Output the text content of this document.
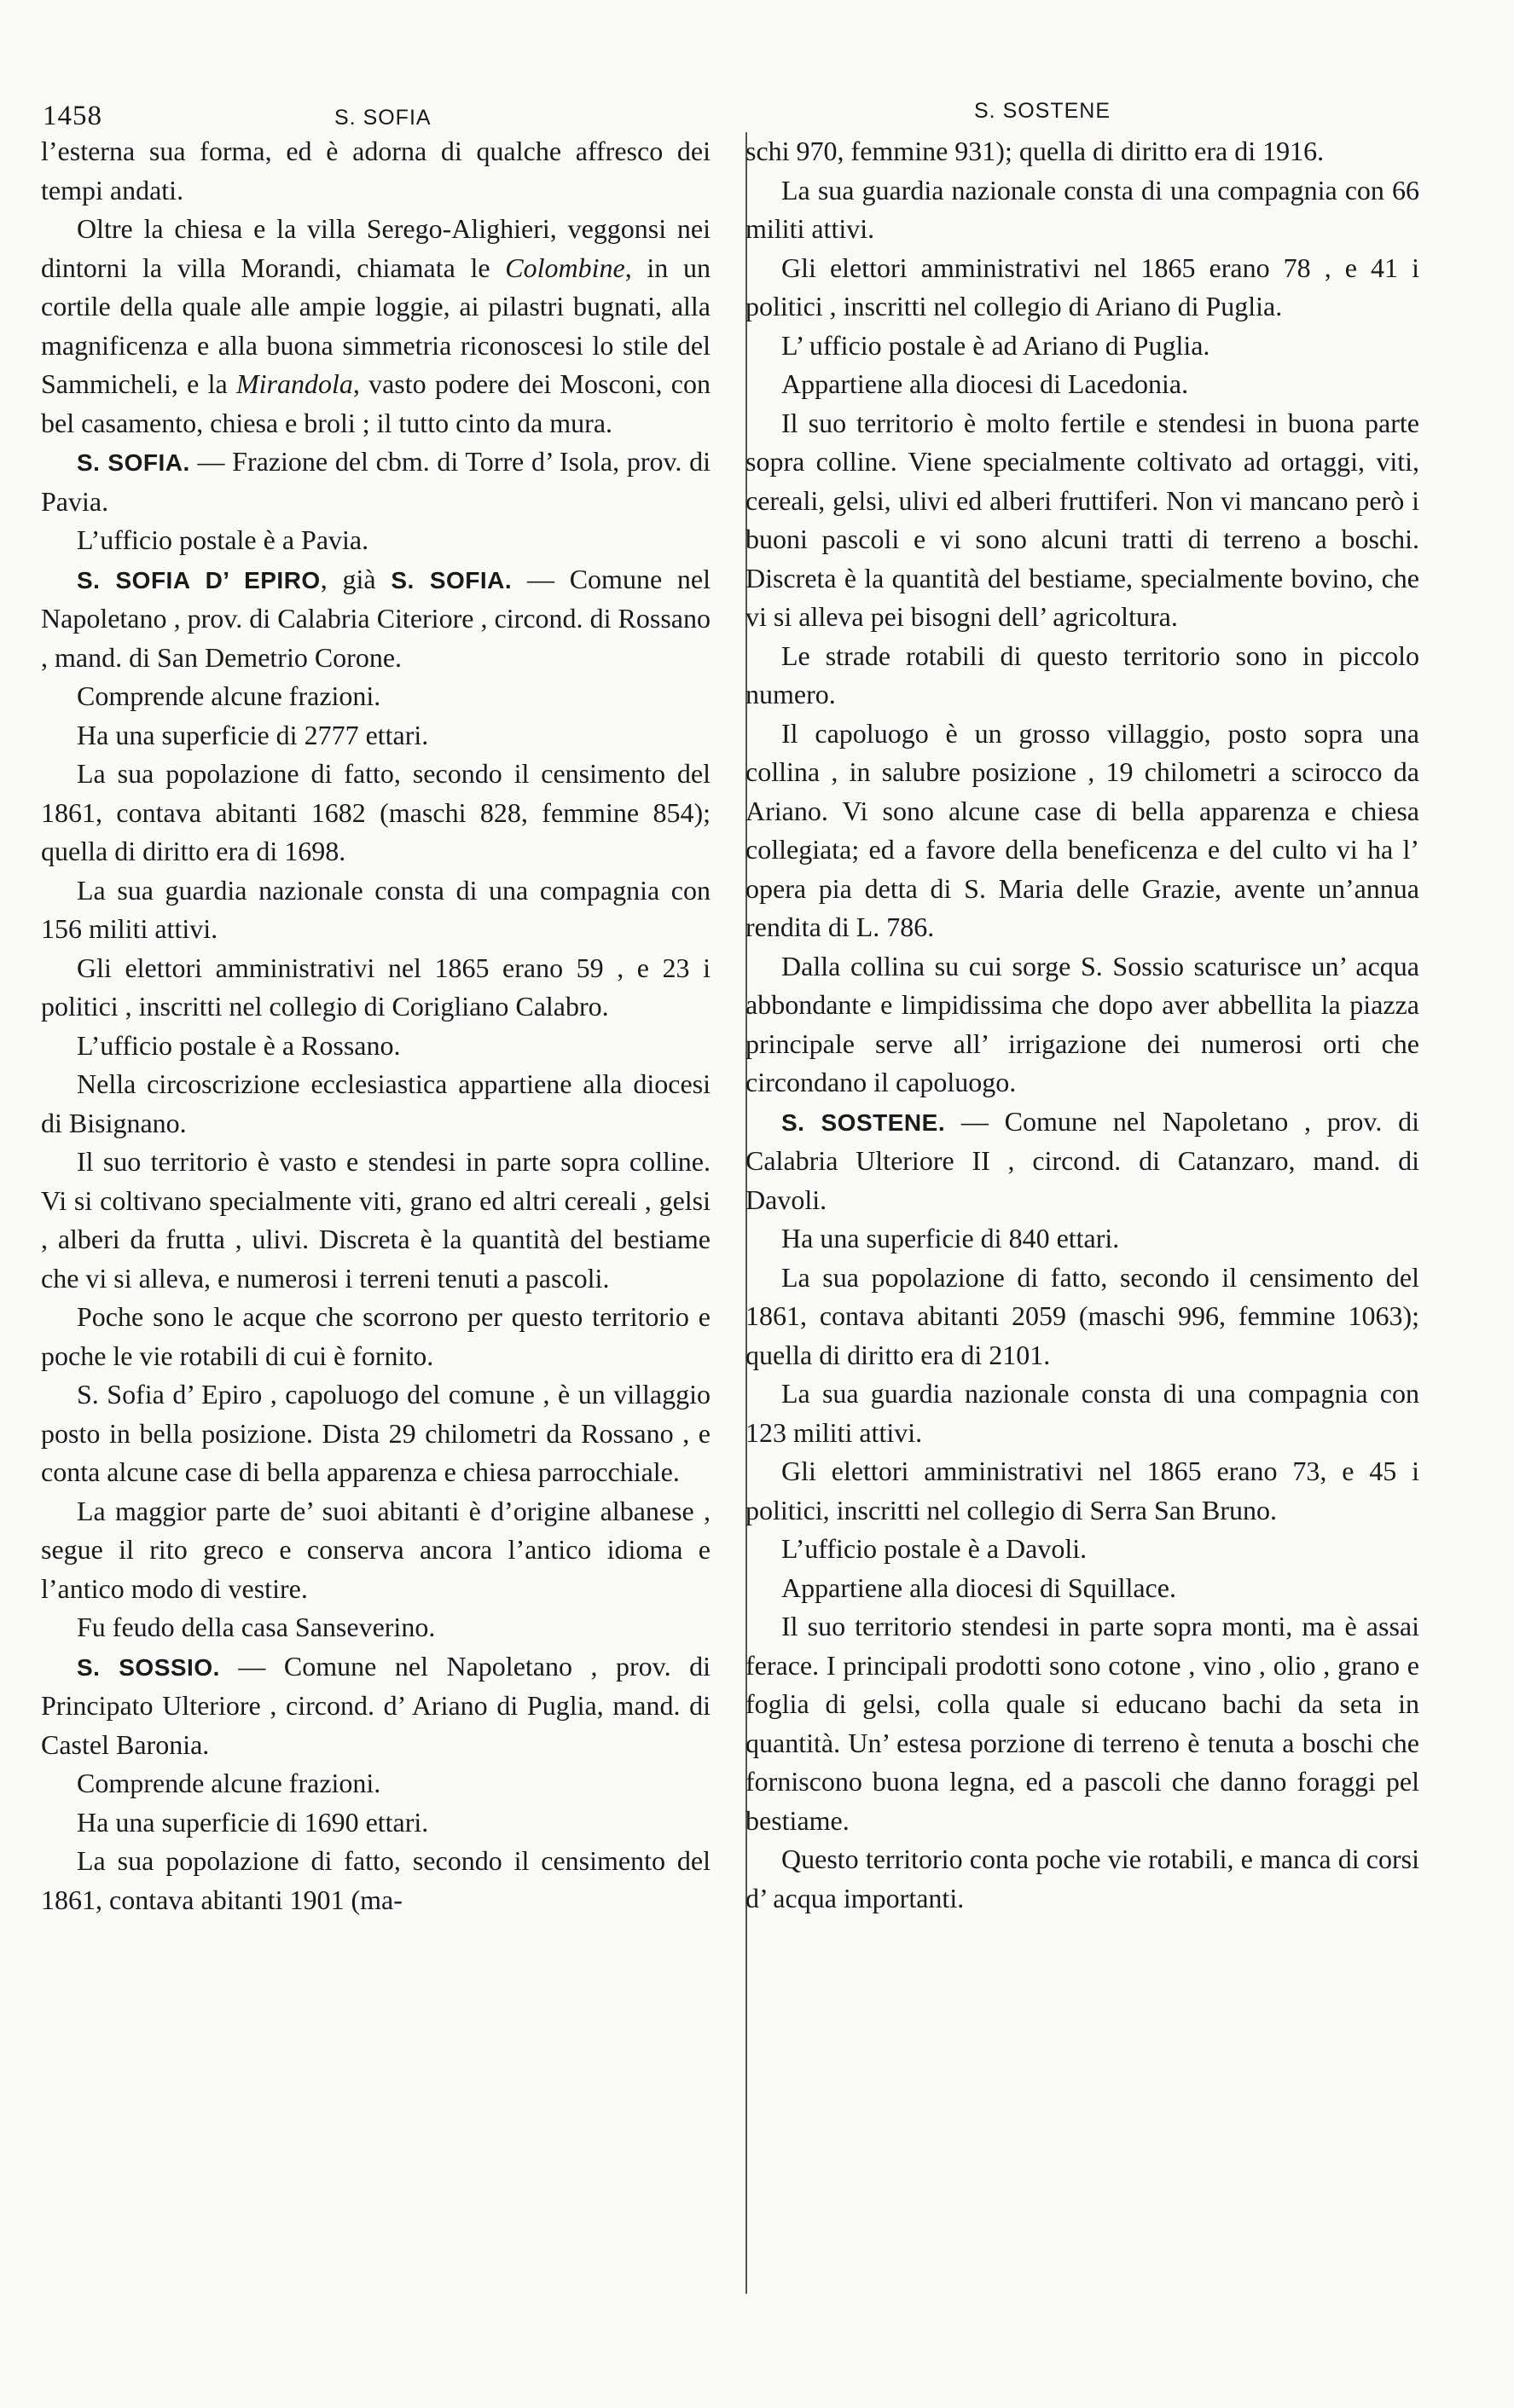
1458	S. SOFIA	S. SOSTENE

l’esterna sua forma, ed è adorna di qualche affresco dei tempi andati.

Oltre la chiesa e la villa Serego-Alighieri, veggonsi nei dintorni la villa Morandi, chiamata le Colombine, in un cortile della quale alle ampie loggie, ai pilastri bugnati, alla magnificenza e alla buona simmetria riconoscesi lo stile del Sammicheli, e la Mirandola, vasto podere dei Mosconi, con bel casamento, chiesa e broli ; il tutto cinto da mura.

S. SOFIA. — Frazione del cbm. di Torre d’ Isola, prov. di Pavia.

L’ufficio postale è a Pavia.

S. SOFIA D’ EPIRO, già S. SOFIA. — Comune nel Napoletano , prov. di Calabria Citeriore , circond. di Rossano , mand. di San Demetrio Corone.

Comprende alcune frazioni.

Ha una superficie di 2777 ettari.

La sua popolazione di fatto, secondo il censimento del 1861, contava abitanti 1682 (maschi 828, femmine 854); quella di diritto era di 1698.

La sua guardia nazionale consta di una compagnia con 156 militi attivi.

Gli elettori amministrativi nel 1865 erano 59 , e 23 i politici , inscritti nel collegio di Corigliano Calabro.

L’ufficio postale è a Rossano.

Nella circoscrizione ecclesiastica appartiene alla diocesi di Bisignano.

Il suo territorio è vasto e stendesi in parte sopra colline. Vi si coltivano specialmente viti, grano ed altri cereali , gelsi , alberi da frutta , ulivi. Discreta è la quantità del bestiame che vi si alleva, e numerosi i terreni tenuti a pascoli.

Poche sono le acque che scorrono per questo territorio e poche le vie rotabili di cui è fornito.

S. Sofia d’ Epiro , capoluogo del comune , è un villaggio posto in bella posizione. Dista 29 chilometri da Rossano , e conta alcune case di bella apparenza e chiesa parrocchiale.

La maggior parte de’ suoi abitanti è d’origine albanese , segue il rito greco e conserva ancora l’antico idioma e l’antico modo di vestire.

Fu feudo della casa Sanseverino.

S. SOSSIO. — Comune nel Napoletano , prov. di Principato Ulteriore , circond. d’ Ariano di Puglia, mand. di Castel Baronia.

Comprende alcune frazioni.

Ha una superficie di 1690 ettari.

La sua popolazione di fatto, secondo il censimento del 1861, contava abitanti 1901 (ma-

schi 970, femmine 931); quella di diritto era di 1916.

La sua guardia nazionale consta di una compagnia con 66 militi attivi.

Gli elettori amministrativi nel 1865 erano 78 , e 41 i politici , inscritti nel collegio di Ariano di Puglia.

L’ ufficio postale è ad Ariano di Puglia.

Appartiene alla diocesi di Lacedonia.

Il suo territorio è molto fertile e stendesi in buona parte sopra colline. Viene specialmente coltivato ad ortaggi, viti, cereali, gelsi, ulivi ed alberi fruttiferi. Non vi mancano però i buoni pascoli e vi sono alcuni tratti di terreno a boschi. Discreta è la quantità del bestiame, specialmente bovino, che vi si alleva pei bisogni dell’ agricoltura.

Le strade rotabili di questo territorio sono in piccolo numero.

Il capoluogo è un grosso villaggio, posto sopra una collina , in salubre posizione , 19 chilometri a scirocco da Ariano. Vi sono alcune case di bella apparenza e chiesa collegiata; ed a favore della beneficenza e del culto vi ha l’ opera pia detta di S. Maria delle Grazie, avente un’annua rendita di L. 786.

Dalla collina su cui sorge S. Sossio scaturisce un’ acqua abbondante e limpidissima che dopo aver abbellita la piazza principale serve all’ irrigazione dei numerosi orti che circondano il capoluogo.

S. SOSTENE. — Comune nel Napoletano , prov. di Calabria Ulteriore II , circond. di Catanzaro, mand. di Davoli.

Ha una superficie di 840 ettari.

La sua popolazione di fatto, secondo il censimento del 1861, contava abitanti 2059 (maschi 996, femmine 1063); quella di diritto era di 2101.

La sua guardia nazionale consta di una compagnia con 123 militi attivi.

Gli elettori amministrativi nel 1865 erano 73, e 45 i politici, inscritti nel collegio di Serra San Bruno.

L’ufficio postale è a Davoli.

Appartiene alla diocesi di Squillace.

Il suo territorio stendesi in parte sopra monti, ma è assai ferace. I principali prodotti sono cotone , vino , olio , grano e foglia di gelsi, colla quale si educano bachi da seta in quantità. Un’ estesa porzione di terreno è tenuta a boschi che forniscono buona legna, ed a pascoli che danno foraggi pel bestiame.

Questo territorio conta poche vie rotabili, e manca di corsi d’ acqua importanti.
